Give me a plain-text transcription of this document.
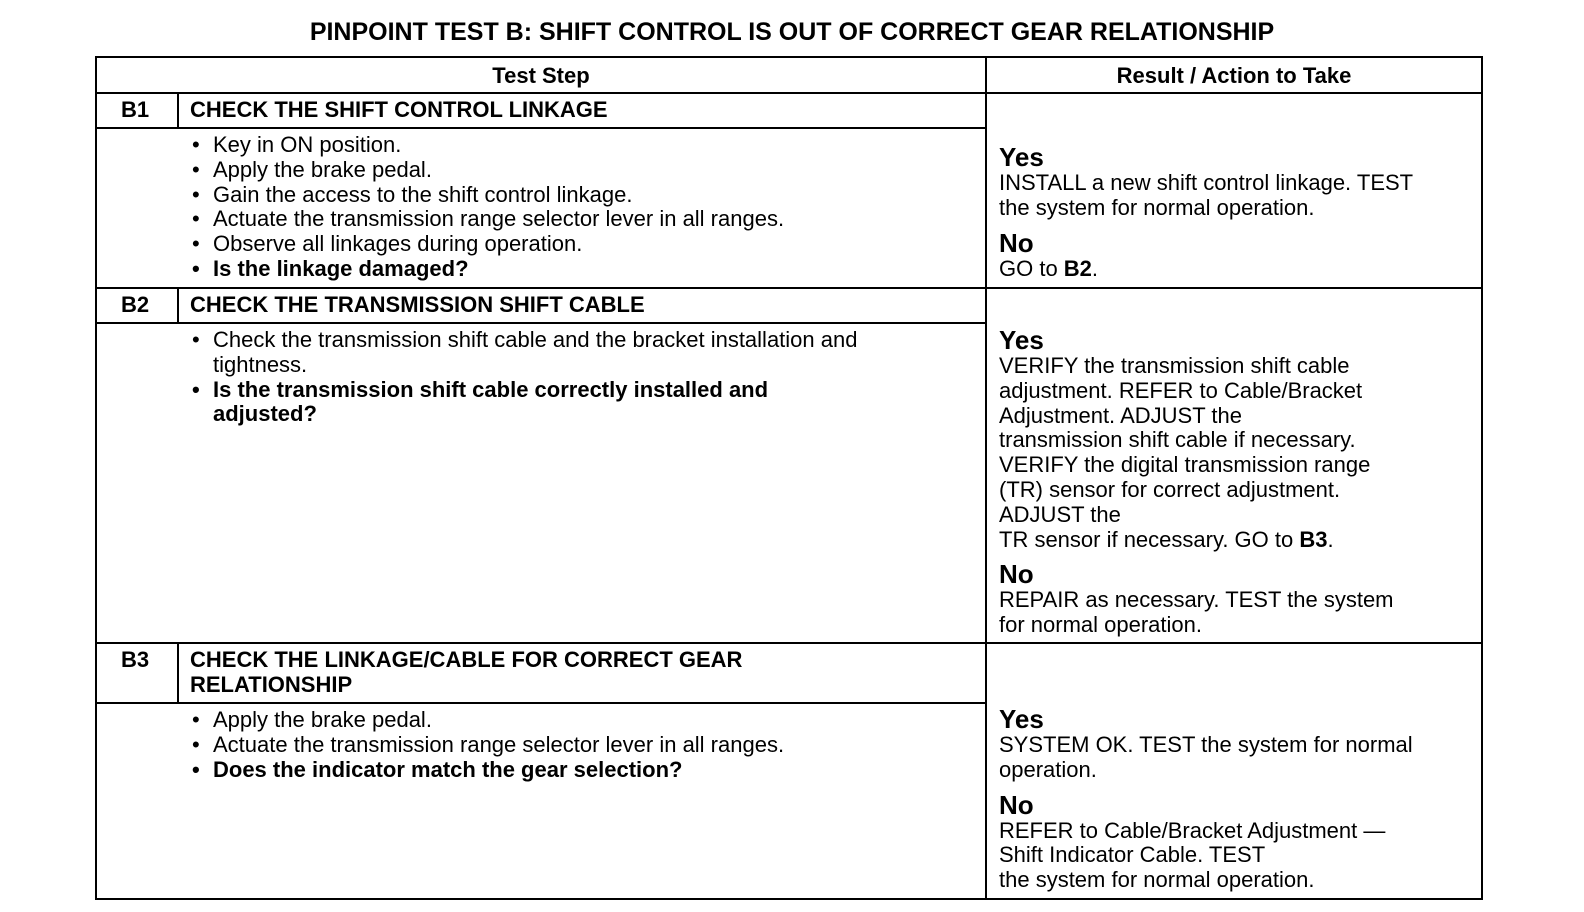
PINPOINT TEST B: SHIFT CONTROL IS OUT OF CORRECT GEAR RELATIONSHIP
Test Step	Result / Action to Take
B1 CHECK THE SHIFT CONTROL LINKAGE
• Key in ON position.
• Apply the brake pedal.
• Gain the access to the shift control linkage.
• Actuate the transmission range selector lever in all ranges.
• Observe all linkages during operation.
• Is the linkage damaged?
Yes
INSTALL a new shift control linkage. TEST
the system for normal operation.
No
GO to B2.
B2 CHECK THE TRANSMISSION SHIFT CABLE
• Check the transmission shift cable and the bracket installation and tightness.
• Is the transmission shift cable correctly installed and adjusted?
Yes
VERIFY the transmission shift cable
adjustment. REFER to Cable/Bracket
Adjustment. ADJUST the
transmission shift cable if necessary.
VERIFY the digital transmission range
(TR) sensor for correct adjustment.
ADJUST the
TR sensor if necessary. GO to B3.
No
REPAIR as necessary. TEST the system
for normal operation.
B3 CHECK THE LINKAGE/CABLE FOR CORRECT GEAR
RELATIONSHIP
• Apply the brake pedal.
• Actuate the transmission range selector lever in all ranges.
• Does the indicator match the gear selection?
Yes
SYSTEM OK. TEST the system for normal
operation.
No
REFER to Cable/Bracket Adjustment —
Shift Indicator Cable. TEST
the system for normal operation.
